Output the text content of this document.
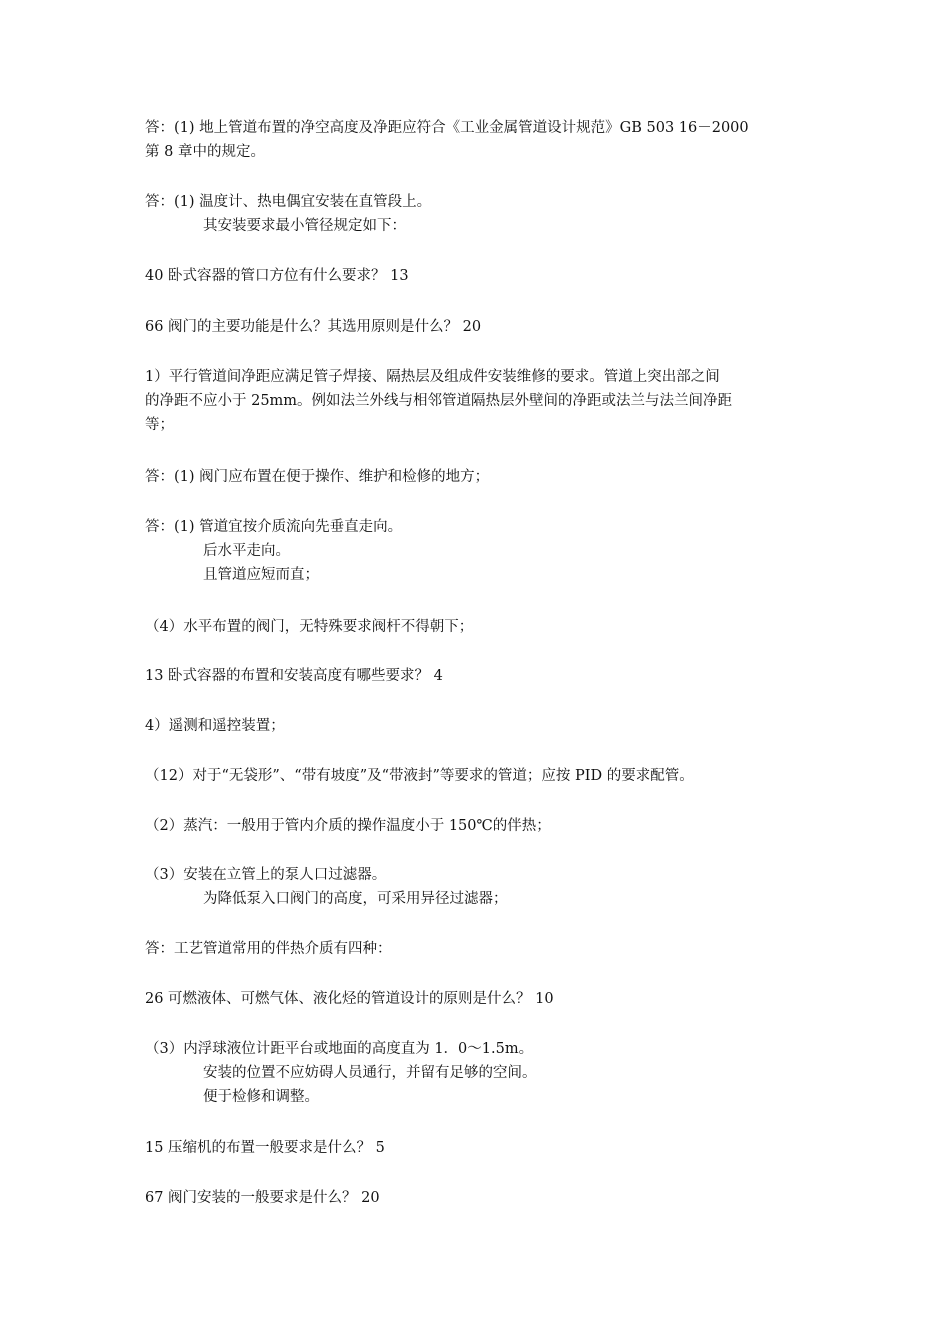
答：(1) 地上管道布置的净空高度及净距应符合《工业金属管道设计规范》GB 503 16－2000
第 8 章中的规定。
答：(1) 温度计、热电偶宜安装在直管段上。
其安装要求最小管径规定如下：
40 卧式容器的管口方位有什么要求？ 13
66 阀门的主要功能是什么？其选用原则是什么？ 20
1）平行管道间净距应满足管子焊接、隔热层及组成件安装维修的要求。管道上突出部之间
的净距不应小于 25mm。例如法兰外线与相邻管道隔热层外壁间的净距或法兰与法兰间净距
等；
答：(1) 阀门应布置在便于操作、维护和检修的地方；
答：(1) 管道宜按介质流向先垂直走向。
后水平走向。
且管道应短而直；
（4）水平布置的阀门，无特殊要求阀杆不得朝下；
13 卧式容器的布置和安装高度有哪些要求？ 4
4）遥测和遥控装置；
（12）对于“无袋形”、“带有坡度”及“带液封”等要求的管道；应按 PID 的要求配管。
（2）蒸汽：一般用于管内介质的操作温度小于 150℃的伴热；
（3）安装在立管上的泵人口过滤器。
为降低泵入口阀门的高度，可采用异径过滤器；
答：工艺管道常用的伴热介质有四种：
26 可燃液体、可燃气体、液化烃的管道设计的原则是什么？ 10
（3）内浮球液位计距平台或地面的高度直为 1．0～1.5m。
安装的位置不应妨碍人员通行，并留有足够的空间。
便于检修和调整。
15 压缩机的布置一般要求是什么？ 5
67 阀门安装的一般要求是什么？ 20
